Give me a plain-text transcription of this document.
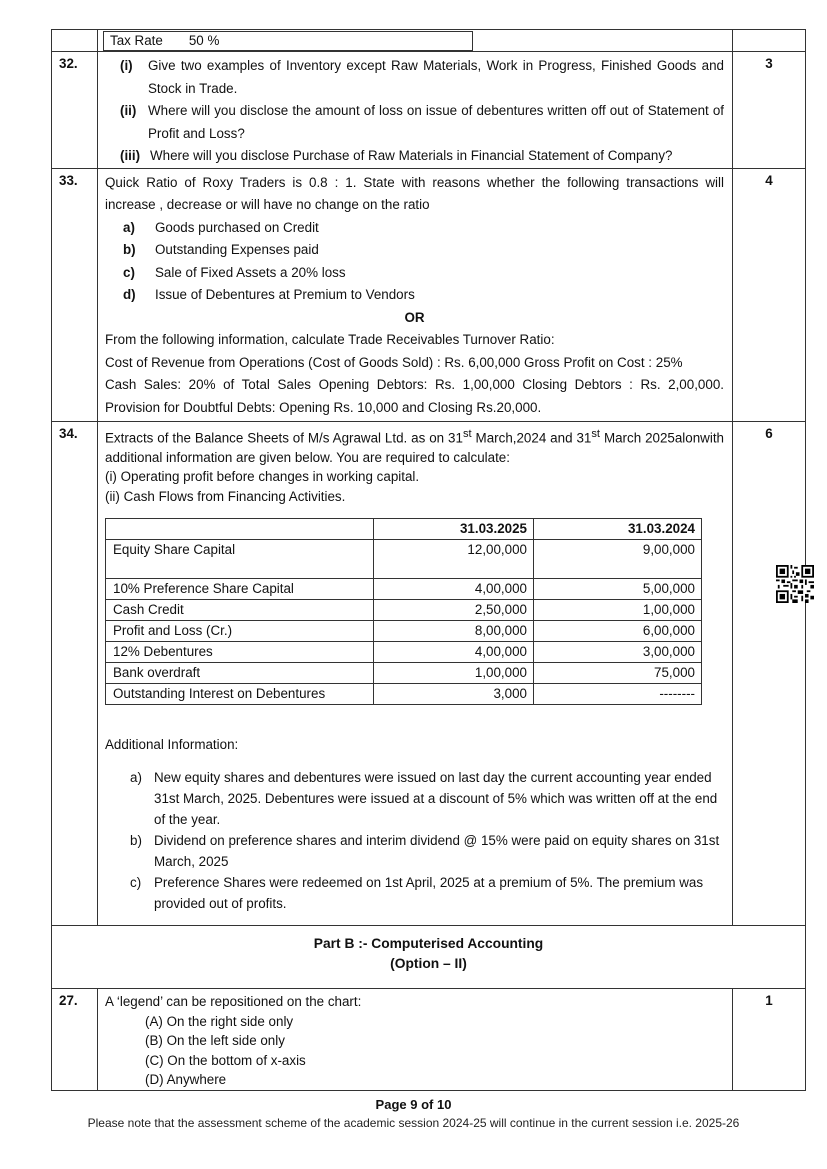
	Tax Rate 50 %	
32.	(i)	Give two examples of Inventory except Raw Materials, Work in Progress, Finished Goods and Stock in Trade.
(ii) Where will you disclose the amount of loss on issue of debentures written off out of Statement of Profit and Loss?
(iii) Where will you disclose Purchase of Raw Materials in Financial Statement of Company?
	3
33.	Quick Ratio of Roxy Traders is 0.8 : 1. State with reasons whether the following transactions will increase , decrease or will have no change on the ratio
a)	Goods purchased on Credit
b)	Outstanding Expenses paid
c)	Sale of Fixed Assets a 20% loss
d)	Issue of Debentures at Premium to Vendors
OR
From the following information, calculate Trade Receivables Turnover Ratio:
Cost of Revenue from Operations (Cost of Goods Sold) : Rs. 6,00,000 Gross Profit on Cost : 25%
Cash Sales: 20% of Total Sales Opening Debtors: Rs. 1,00,000 Closing Debtors : Rs. 2,00,000. Provision for Doubtful Debts: Opening Rs. 10,000 and Closing Rs.20,000.
	4
34.	Extracts of the Balance Sheets of M/s Agrawal Ltd. as on 31st March,2024 and 31st March 2025alonwith additional information are given below. You are required to calculate:
(i) Operating profit before changes in working capital.
(ii) Cash Flows from Financing Activities.
	31.03.2025	31.03.2024
Equity Share Capital	12,00,000	9,00,000
10% Preference Share Capital	4,00,000	5,00,000
Cash Credit	2,50,000	1,00,000
Profit and Loss (Cr.)	8,00,000	6,00,000
12% Debentures	4,00,000	3,00,000
Bank overdraft	1,00,000	75,000
Outstanding Interest on Debentures	3,000	--------
Additional Information:
a) New equity shares and debentures were issued on last day the current accounting year ended 31st March, 2025. Debentures were issued at a discount of 5% which was written off at the end of the year.
b) Dividend on preference shares and interim dividend @ 15% were paid on equity shares on 31st March, 2025
c) Preference Shares were redeemed on 1st April, 2025 at a premium of 5%. The premium was provided out of profits.
	6

Part B :- Computerised Accounting
(Option – II)

27.	A ‘legend’ can be repositioned on the chart:
(A) On the right side only
(B) On the left side only
(C) On the bottom of x-axis
(D) Anywhere
	1
Page 9 of 10
Please note that the assessment scheme of the academic session 2024-25 will continue in the current session i.e. 2025-26
